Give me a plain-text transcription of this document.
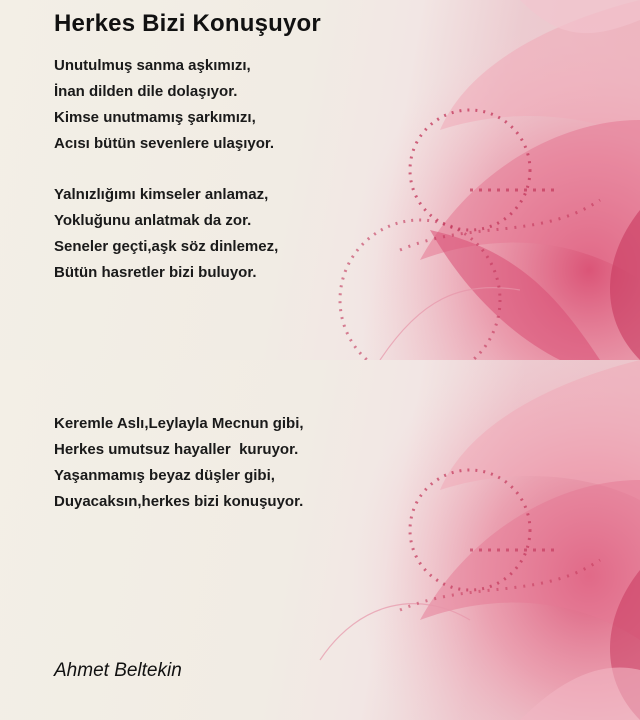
Herkes Bizi Konuşuyor
Unutulmuş sanma aşkımızı,
İnan dilden dile dolaşıyor.
Kimse unutmamış şarkımızı,
Acısı bütün sevenlere ulaşıyor.
Yalnızlığımı kimseler anlamaz,
Yokluğunu anlatmak da zor.
Seneler geçti,aşk söz dinlemez,
Bütün hasretler bizi buluyor.
Keremle Aslı,Leylayla Mecnun gibi,
Herkes umutsuz hayaller  kuruyor.
Yaşanmamış beyaz düşler gibi,
Duyacaksın,herkes bizi konuşuyor.
Ahmet Beltekin
